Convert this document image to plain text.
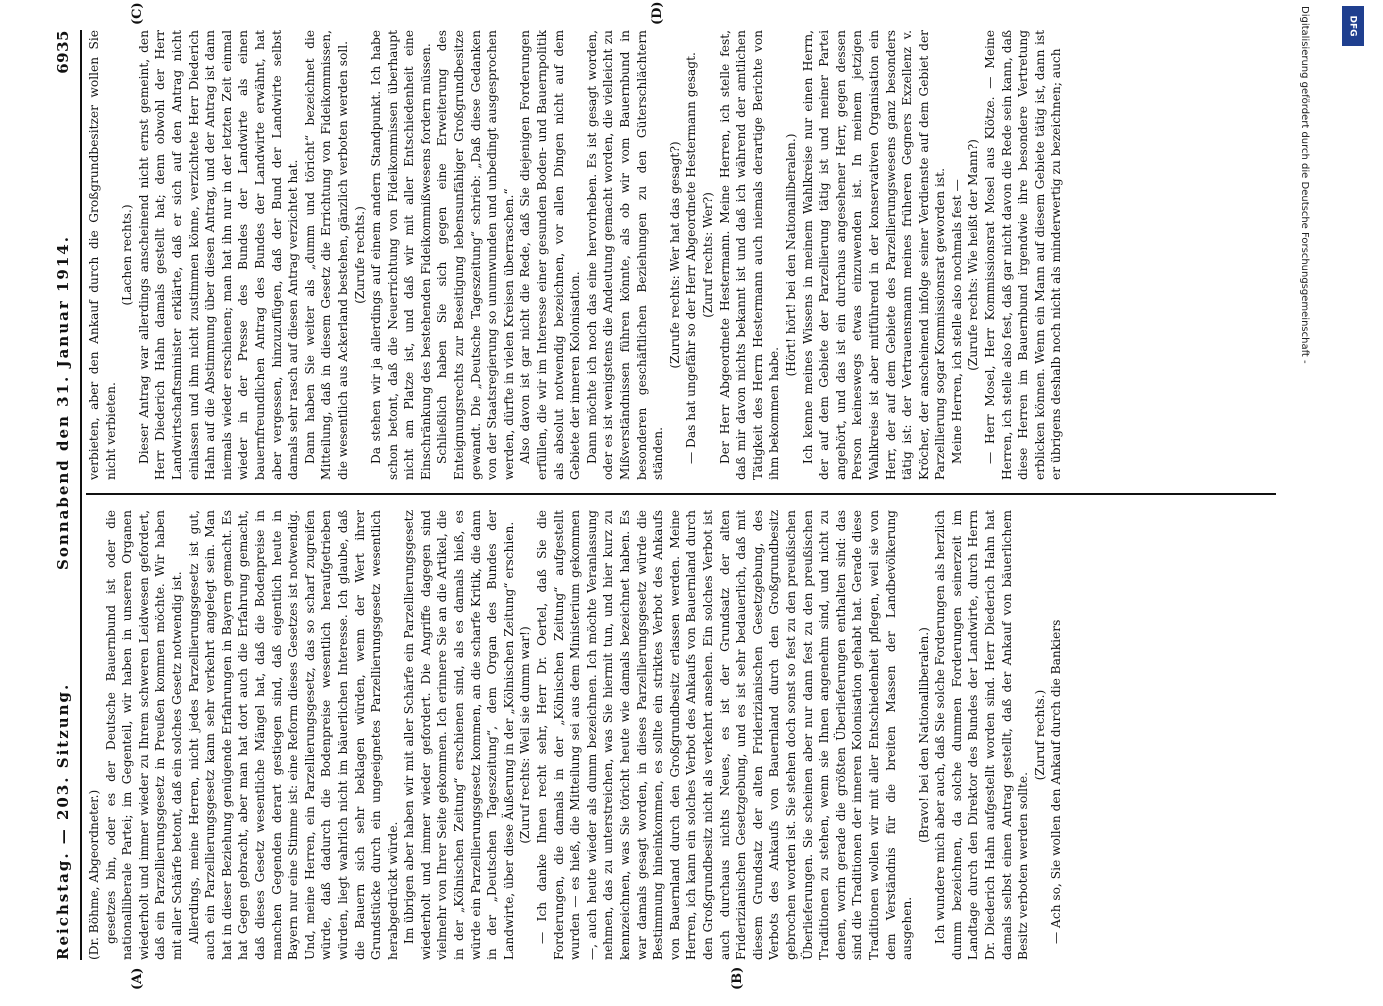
Reichstag. — 203. Sitzung.
Sonnabend den 31. Januar 1914.
6935

(Dr. Böhme, Abgeordneter.) gesetzes bin, oder es der Deutsche Bauernbund ist oder die nationalliberale Partei; im Gegenteil, wir haben in unseren Organen wiederholt und immer wieder zu Ihrem schweren Leidwesen gefordert, daß ein Parzellierungsgesetz in Preußen kommen möchte. Wir haben mit aller Schärfe betont, daß ein solches Gesetz notwendig ist. Allerdings, meine Herren, nicht jedes Parzellierungsgesetz ist gut, auch ein Parzellierungsgesetz kann sehr verkehrt angelegt sein. Man hat in dieser Beziehung genügende Erfahrungen in Bayern gemacht. Es hat Gegen gebracht, aber man hat dort auch die Erfahrung gemacht, daß dieses Gesetz wesentliche Mängel hat, daß die Bodenpreise in manchen Gegenden derart gestiegen sind, daß eigentlich heute in Bayern nur eine Stimme ist: eine Reform dieses Gesetzes ist notwendig. Und, meine Herren, ein Parzellierungsgesetz, das so scharf zugreifen würde, daß dadurch die Bodenpreise wesentlich heraufgetrieben würden, liegt wahrlich nicht im bäuerlichen Interesse. Ich glaube, daß die Bauern sich sehr beklagen würden, wenn der Wert ihrer Grundstücke durch ein ungeeignetes Parzellierungsgesetz wesentlich herabgedrückt würde. Im übrigen aber haben wir mit aller Schärfe ein Parzellierungsgesetz wiederholt und immer wieder gefordert. Die Angriffe dagegen sind vielmehr von Ihrer Seite gekommen. Ich erinnere Sie an die Artikel, die in der „Kölnischen Zeitung“ erschienen sind, als es damals hieß, es würde ein Parzellierungsgesetz kommen, an die scharfe Kritik, die dann in der „Deutschen Tageszeitung“, dem Organ des Bundes der Landwirte, über diese Äußerung in der „Kölnischen Zeitung“ erschien. (Zuruf rechts: Weil sie dumm war!) — Ich danke Ihnen recht sehr, Herr Dr. Oertel, daß Sie die Forderungen, die damals in der „Kölnischen Zeitung“ aufgestellt wurden — es hieß, die Mitteilung sei aus dem Ministerium gekommen —, auch heute wieder als dumm bezeichnen. Ich möchte Veranlassung nehmen, das zu unterstreichen, was Sie hiermit tun, und hier kurz zu kennzeichnen, was Sie töricht heute wie damals bezeichnet haben. Es war damals gesagt worden, in dieses Parzellierungsgesetz würde die Bestimmung hineinkommen, es sollte ein striktes Verbot des Ankaufs von Bauernland durch den Großgrundbesitz erlassen werden. Meine Herren, ich kann ein solches Verbot des Ankaufs von Bauernland durch den Großgrundbesitz nicht als verkehrt ansehen. Ein solches Verbot ist auch durchaus nichts Neues, es ist der Grundsatz der alten Friderizianischen Gesetzgebung, und es ist sehr bedauerlich, daß mit diesem Grundsatz der alten Friderizianischen Gesetzgebung, des Verbots des Ankaufs von Bauernland durch den Großgrundbesitz gebrochen worden ist. Sie stehen doch sonst so fest zu den preußischen Überlieferungen. Sie scheinen aber nur dann fest zu den preußischen Traditionen zu stehen, wenn sie Ihnen angenehm sind, und nicht zu denen, worin gerade die größten Überlieferungen enthalten sind: das sind die Traditionen der inneren Kolonisation gehabt hat. Gerade diese Traditionen wollen wir mit aller Entschiedenheit pflegen, weil sie von dem Verständnis für die breiten Massen der Landbevölkerung ausgehen.

(Bravo! bei den Nationalliberalen.) Ich wundere mich aber auch, daß Sie solche Forderungen als herzlich dumm bezeichnen, da solche dummen Forderungen seinerzeit im Landtage durch den Direktor des Bundes der Landwirte, durch Herrn Dr. Diederich Hahn aufgestellt worden sind. Herr Diederich Hahn hat damals selbst einen Antrag gestellt, daß der Ankauf von bäuerlichem Besitz verboten werden sollte.

(Zuruf rechts.) — Ach so, Sie wollen den Ankauf durch die Bankiers

verbieten, aber den Ankauf durch die Großgrundbesitzer wollen Sie nicht verbieten.

(Lachen rechts.) Dieser Antrag war allerdings anscheinend nicht ernst gemeint, den Herr Diederich Hahn damals gestellt hat; denn obwohl der Herr Landwirtschaftsminister erklärte, daß er sich auf den Antrag nicht einlassen und ihm nicht zustimmen könne, verzichtete Herr Diederich Hahn auf die Abstimmung über diesen Antrag, und der Antrag ist dann niemals wieder erschienen; man hat ihn nur in der letzten Zeit einmal wieder in der Presse des Bundes der Landwirte als einen bauernfreundlichen Antrag des Bundes der Landwirte erwähnt, hat aber vergessen, hinzuzufügen, daß der Bund der Landwirte selbst damals sehr rasch auf diesen Antrag verzichtet hat. Dann haben Sie weiter als „dumm und töricht“ bezeichnet die Mitteilung, daß in diesem Gesetz die Errichtung von Fideikommissen, die wesentlich aus Ackerland bestehen, gänzlich verboten werden soll. (Zurufe rechts.) Da stehen wir ja allerdings auf einem andern Standpunkt. Ich habe schon betont, daß die Neuerrichtung von Fideikommissen überhaupt nicht am Platze ist, und daß wir mit aller Entschiedenheit eine Einschränkung des bestehenden Fideikommißwesens fordern müssen. Schließlich haben Sie sich gegen eine Erweiterung des Enteignungsrechts zur Beseitigung lebensunfähiger Großgrundbesitze gewandt. Die „Deutsche Tageszeitung“ schrieb: „Daß diese Gedanken von der Staatsregierung so unumwunden und unbedingt ausgesprochen werden, dürfte in vielen Kreisen überraschen.“ Also davon ist gar nicht die Rede, daß Sie diejenigen Forderungen erfüllen, die wir im Interesse einer gesunden Boden- und Bauernpolitik als absolut notwendig bezeichnen, vor allen Dingen nicht auf dem Gebiete der inneren Kolonisation. Dann möchte ich noch das eine hervorheben. Es ist gesagt worden, oder es ist wenigstens die Andeutung gemacht worden, die vielleicht zu Mißverständnissen führen könnte, als ob wir vom Bauernbund in besonderen geschäftlichen Beziehungen zu den Güterschlächtern ständen.

(Zurufe rechts: Wer hat das gesagt?) — Das hat ungefähr so der Herr Abgeordnete Hestermann gesagt. (Zuruf rechts: Wer?) Der Herr Abgeordnete Hestermann. Meine Herren, ich stelle fest, daß mir davon nichts bekannt ist und daß ich während der amtlichen Tätigkeit des Herrn Hestermann auch niemals derartige Berichte von ihm bekommen habe.

(Hört! hört! bei den Nationalliberalen.) Ich kenne meines Wissens in meinem Wahlkreise nur einen Herrn, der auf dem Gebiete der Parzellierung tätig ist und meiner Partei angehört, und das ist ein durchaus angesehener Herr, gegen dessen Person keineswegs etwas einzuwenden ist. In meinem jetzigen Wahlkreise ist aber mitführend in der konservativen Organisation ein Herr, der auf dem Gebiete des Parzellierungswesens ganz besonders tätig ist: der Vertrauensmann meines früheren Gegners Exzellenz v. Kröcher, der anscheinend infolge seiner Verdienste auf dem Gebiet der Parzellierung sogar Kommissionsrat geworden ist. Meine Herren, ich stelle also nochmals fest — (Zurufe rechts: Wie heißt der Mann?) — Herr Mosel, Herr Kommissionsrat Mosel aus Klötze. — Meine Herren, ich stelle also fest, daß gar nicht davon die Rede sein kann, daß diese Herren im Bauernbund irgendwie ihre besondere Vertretung erblicken können. Wenn ein Mann auf diesem Gebiete tätig ist, dann ist er übrigens deshalb noch nicht als minderwertig zu bezeichnen; auch

(A)	(B)
(C)	(D)
DFG
Digitalisierung gefördert durch die Deutsche Forschungsgemeinschaft -
